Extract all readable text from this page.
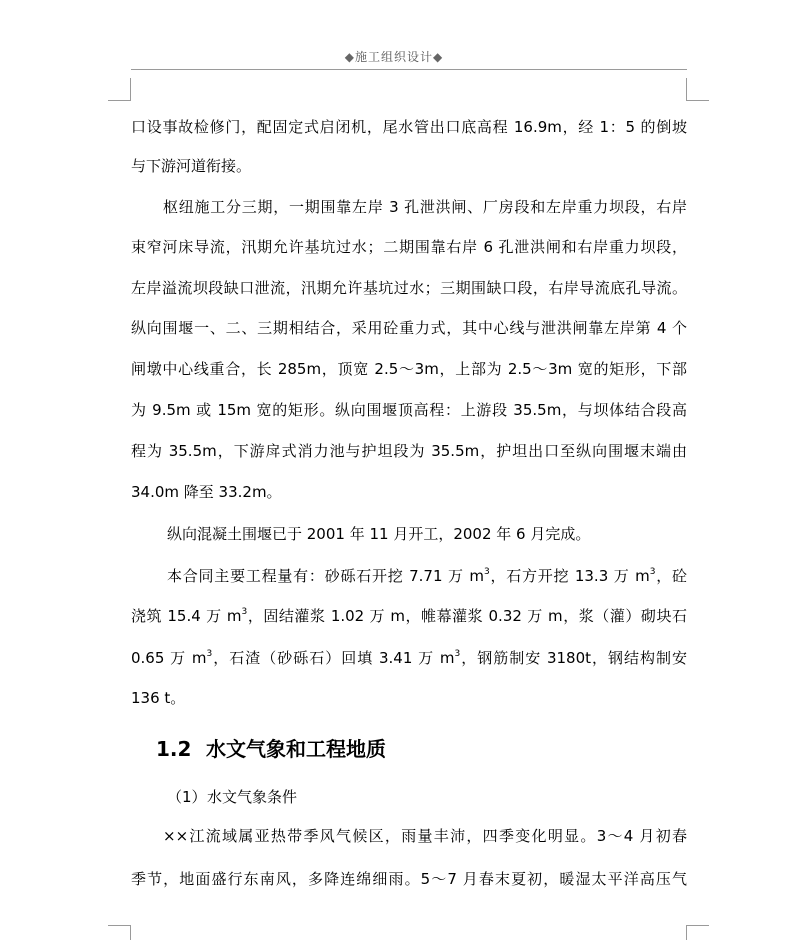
◆施工组织设计◆
口设事故检修门，配固定式启闭机，尾水管出口底高程 16.9m，经 1：5 的倒坡
与下游河道衔接。
枢纽施工分三期，一期围靠左岸 3 孔泄洪闸、厂房段和左岸重力坝段，右岸
束窄河床导流，汛期允许基坑过水；二期围靠右岸 6 孔泄洪闸和右岸重力坝段，
左岸溢流坝段缺口泄流，汛期允许基坑过水；三期围缺口段，右岸导流底孔导流。
纵向围堰一、二、三期相结合，采用砼重力式，其中心线与泄洪闸靠左岸第 4 个
闸墩中心线重合，长 285m，顶宽 2.5～3m，上部为 2.5～3m 宽的矩形，下部
为 9.5m 或 15m 宽的矩形。纵向围堰顶高程：上游段 35.5m，与坝体结合段高
程为 35.5m，下游戽式消力池与护坦段为 35.5m，护坦出口至纵向围堰末端由
34.0m 降至 33.2m。
纵向混凝土围堰已于 2001 年 11 月开工，2002 年 6 月完成。
本合同主要工程量有：砂砾石开挖 7.71 万 $m^3$，石方开挖 13.3 万 $m^3$，砼
浇筑 15.4 万 $m^3$，固结灌浆 1.02 万 m，帷幕灌浆 0.32 万 m，浆（灌）砌块石
0.65 万 $m^3$，石渣（砂砾石）回填 3.41 万 $m^3$，钢筋制安 3180t，钢结构制安
136 t。
1.2 水文气象和工程地质
（1）水文气象条件
××江流域属亚热带季风气候区，雨量丰沛，四季变化明显。3～4 月初春
季节，地面盛行东南风，多降连绵细雨。5～7 月春末夏初，暖湿太平洋高压气
